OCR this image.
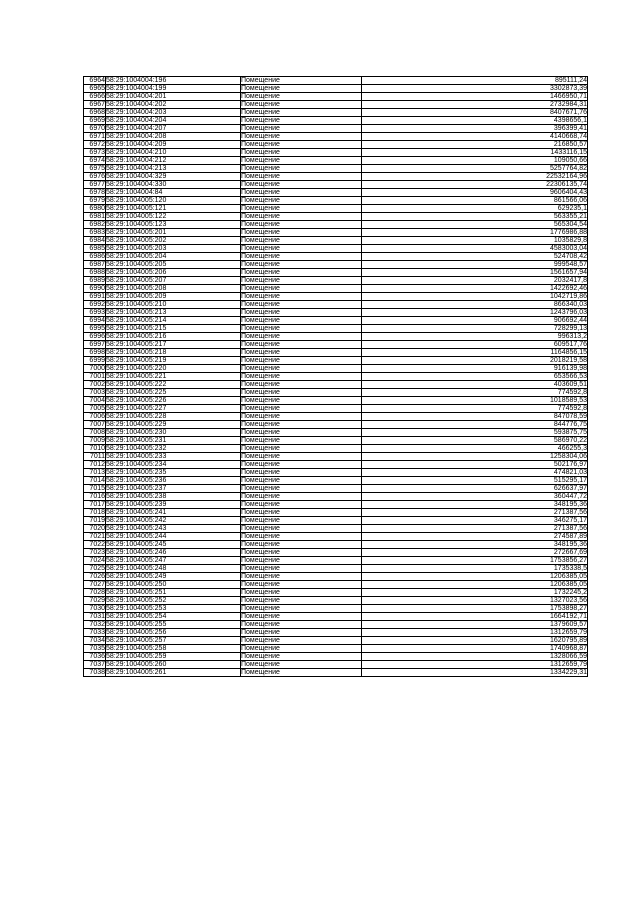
6964	58:29:1004004:196	Помещение	895111,24
6965	58:29:1004004:199	Помещение	3302873,39
6966	58:29:1004004:201	Помещение	1466950,71
6967	58:29:1004004:202	Помещение	2732984,31
6968	58:29:1004004:203	Помещение	8407671,76
6969	58:29:1004004:204	Помещение	4398656,1
6970	58:29:1004004:207	Помещение	396399,41
6971	58:29:1004004:208	Помещение	4140668,74
6972	58:29:1004004:209	Помещение	216850,57
6973	58:29:1004004:210	Помещение	1433116,15
6974	58:29:1004004:212	Помещение	109050,66
6975	58:29:1004004:213	Помещение	5257764,82
6976	58:29:1004004:329	Помещение	22532164,96
6977	58:29:1004004:330	Помещение	22306135,74
6978	58:29:1004004:84	Помещение	9606404,43
6979	58:29:1004005:120	Помещение	861566,06
6980	58:29:1004005:121	Помещение	629235,1
6981	58:29:1004005:122	Помещение	563355,21
6982	58:29:1004005:123	Помещение	565304,54
6983	58:29:1004005:201	Помещение	1776986,88
6984	58:29:1004005:202	Помещение	1035829,8
6985	58:29:1004005:203	Помещение	4583003,04
6986	58:29:1004005:204	Помещение	524708,42
6987	58:29:1004005:205	Помещение	999548,57
6988	58:29:1004005:206	Помещение	1561657,94
6989	58:29:1004005:207	Помещение	2032417,8
6990	58:29:1004005:208	Помещение	1422692,46
6991	58:29:1004005:209	Помещение	1042719,86
6992	58:29:1004005:210	Помещение	866340,03
6993	58:29:1004005:213	Помещение	1243796,03
6994	58:29:1004005:214	Помещение	906692,44
6995	58:29:1004005:215	Помещение	728299,13
6996	58:29:1004005:216	Помещение	996313,2
6997	58:29:1004005:217	Помещение	609517,76
6998	58:29:1004005:218	Помещение	1164856,15
6999	58:29:1004005:219	Помещение	2018219,58
7000	58:29:1004005:220	Помещение	916139,98
7001	58:29:1004005:221	Помещение	653566,53
7002	58:29:1004005:222	Помещение	403609,51
7003	58:29:1004005:225	Помещение	774592,8
7004	58:29:1004005:226	Помещение	1018589,53
7005	58:29:1004005:227	Помещение	774592,8
7006	58:29:1004005:228	Помещение	847078,59
7007	58:29:1004005:229	Помещение	844776,75
7008	58:29:1004005:230	Помещение	593875,75
7009	58:29:1004005:231	Помещение	586970,22
7010	58:29:1004005:232	Помещение	466255,3
7011	58:29:1004005:233	Помещение	1258304,06
7012	58:29:1004005:234	Помещение	502176,97
7013	58:29:1004005:235	Помещение	474821,03
7014	58:29:1004005:236	Помещение	515295,17
7015	58:29:1004005:237	Помещение	626637,97
7016	58:29:1004005:238	Помещение	360447,72
7017	58:29:1004005:239	Помещение	348195,36
7018	58:29:1004005:241	Помещение	271387,56
7019	58:29:1004005:242	Помещение	346275,17
7020	58:29:1004005:243	Помещение	271387,56
7021	58:29:1004005:244	Помещение	274587,89
7022	58:29:1004005:245	Помещение	348195,36
7023	58:29:1004005:246	Помещение	272667,69
7024	58:29:1004005:247	Помещение	1753856,27
7025	58:29:1004005:248	Помещение	1735338,5
7026	58:29:1004005:249	Помещение	1206385,05
7027	58:29:1004005:250	Помещение	1206385,05
7028	58:29:1004005:251	Помещение	1732245,2
7029	58:29:1004005:252	Помещение	1327023,56
7030	58:29:1004005:253	Помещение	1753898,27
7031	58:29:1004005:254	Помещение	1664192,71
7032	58:29:1004005:255	Помещение	1379609,57
7033	58:29:1004005:256	Помещение	1312659,79
7034	58:29:1004005:257	Помещение	1620795,89
7035	58:29:1004005:258	Помещение	1740968,87
7036	58:29:1004005:259	Помещение	1328066,59
7037	58:29:1004005:260	Помещение	1312659,79
7038	58:29:1004005:261	Помещение	1334229,31
